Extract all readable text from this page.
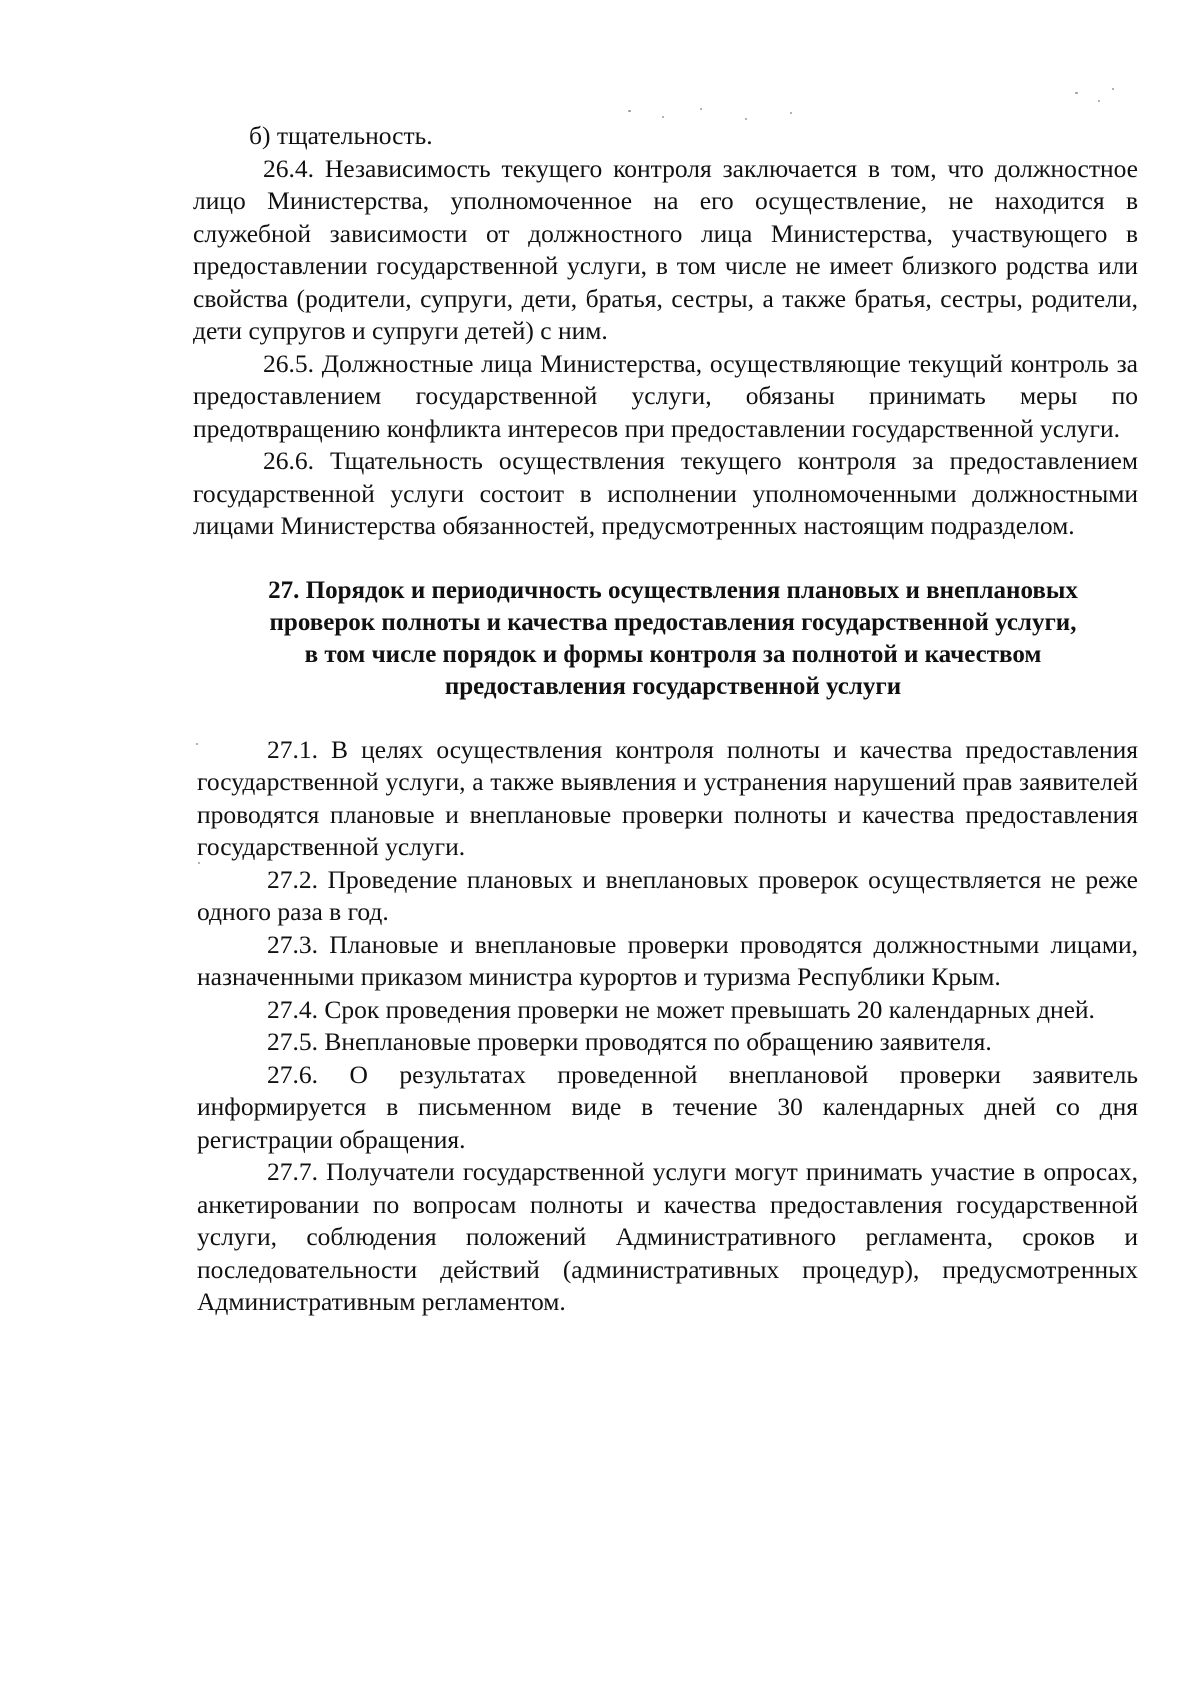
б) тщательность.

26.4. Независимость текущего контроля заключается в том, что должностное лицо Министерства, уполномоченное на его осуществление, не находится в служебной зависимости от должностного лица Министерства, участвующего в предоставлении государственной услуги, в том числе не имеет близкого родства или свойства (родители, супруги, дети, братья, сестры, а также братья, сестры, родители, дети супругов и супруги детей) с ним.

26.5. Должностные лица Министерства, осуществляющие текущий контроль за предоставлением государственной услуги, обязаны принимать меры по предотвращению конфликта интересов при предоставлении государственной услуги.

26.6. Тщательность осуществления текущего контроля за предоставлением государственной услуги состоит в исполнении уполномоченными должностными лицами Министерства обязанностей, предусмотренных настоящим подразделом.

27. Порядок и периодичность осуществления плановых и внеплановых проверок полноты и качества предоставления государственной услуги, в том числе порядок и формы контроля за полнотой и качеством предоставления государственной услуги

27.1. В целях осуществления контроля полноты и качества предоставления государственной услуги, а также выявления и устранения нарушений прав заявителей проводятся плановые и внеплановые проверки полноты и качества предоставления государственной услуги.

27.2. Проведение плановых и внеплановых проверок осуществляется не реже одного раза в год.

27.3. Плановые и внеплановые проверки проводятся должностными лицами, назначенными приказом министра курортов и туризма Республики Крым.

27.4. Срок проведения проверки не может превышать 20 календарных дней.

27.5. Внеплановые проверки проводятся по обращению заявителя.

27.6. О результатах проведенной внеплановой проверки заявитель информируется в письменном виде в течение 30 календарных дней со дня регистрации обращения.

27.7. Получатели государственной услуги могут принимать участие в опросах, анкетировании по вопросам полноты и качества предоставления государственной услуги, соблюдения положений Административного регламента, сроков и последовательности действий (административных процедур), предусмотренных Административным регламентом.
